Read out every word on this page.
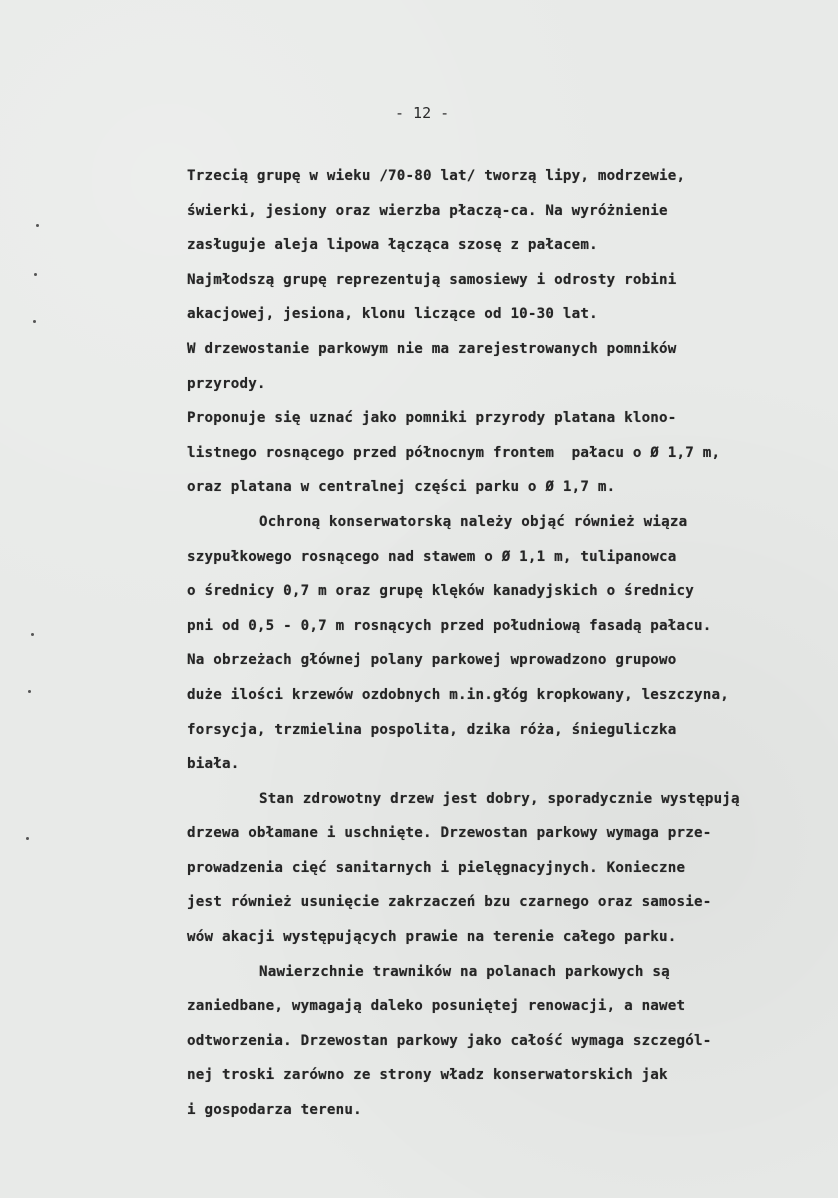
- 12 -
Trzecią grupę w wieku /70-80 lat/ tworzą lipy, modrzewie,
świerki, jesiony oraz wierzba płaczą-ca. Na wyróżnienie
zasługuje aleja lipowa łącząca szosę z pałacem.
Najmłodszą grupę reprezentują samosiewy i odrosty robini
akacjowej, jesiona, klonu liczące od 10-30 lat.
W drzewostanie parkowym nie ma zarejestrowanych pomników
przyrody.
Proponuje się uznać jako pomniki przyrody platana klono-
listnego rosnącego przed północnym frontem  pałacu o Ø 1,7 m,
oraz platana w centralnej części parku o Ø 1,7 m.
Ochroną konserwatorską należy objąć również wiąza
szypułkowego rosnącego nad stawem o Ø 1,1 m, tulipanowca
o średnicy 0,7 m oraz grupę klęków kanadyjskich o średnicy
pni od 0,5 - 0,7 m rosnących przed południową fasadą pałacu.
Na obrzeżach głównej polany parkowej wprowadzono grupowo
duże ilości krzewów ozdobnych m.in.głóg kropkowany, leszczyna,
forsycja, trzmielina pospolita, dzika róża, śnieguliczka
biała.
Stan zdrowotny drzew jest dobry, sporadycznie występują
drzewa obłamane i uschnięte. Drzewostan parkowy wymaga prze-
prowadzenia cięć sanitarnych i pielęgnacyjnych. Konieczne
jest również usunięcie zakrzaczeń bzu czarnego oraz samosie-
wów akacji występujących prawie na terenie całego parku.
Nawierzchnie trawników na polanach parkowych są
zaniedbane, wymagają daleko posuniętej renowacji, a nawet
odtworzenia. Drzewostan parkowy jako całość wymaga szczegól-
nej troski zarówno ze strony władz konserwatorskich jak
i gospodarza terenu.
